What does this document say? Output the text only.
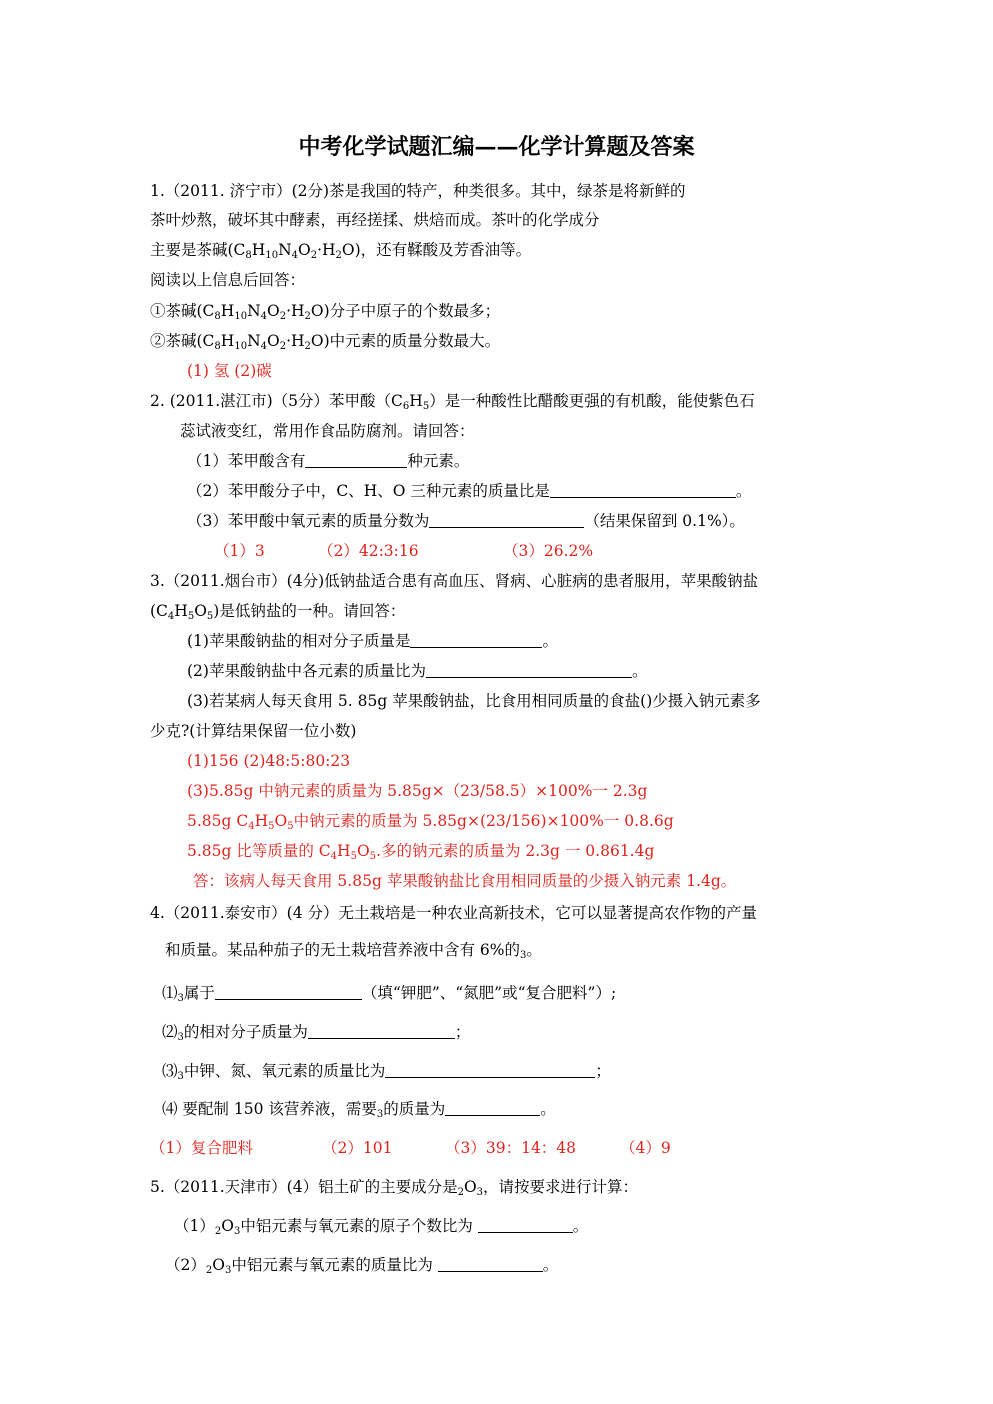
中考化学试题汇编——化学计算题及答案
1.（2011. 济宁市）(2分)茶是我国的特产，种类很多。其中，绿茶是将新鲜的
茶叶炒熬，破坏其中酵素，再经搓揉、烘焙而成。茶叶的化学成分
主要是茶碱$(C_8H_{10}N_4O_2\cdot H_2O)$，还有鞣酸及芳香油等。
阅读以上信息后回答：
①茶碱$(C_8H_{10}N_4O_2\cdot H_2O)$分子中原子的个数最多；
②茶碱$(C_8H_{10}N_4O_2\cdot H_2O)$中元素的质量分数最大。
(1) 氢 (2)碳
2. (2011.湛江市)（5分）苯甲酸$(C_6H_5)$是一种酸性比醋酸更强的有机酸，能使紫色石
蕊试液变红，常用作食品防腐剂。请回答：
（1）苯甲酸含有	种元素。
（2）苯甲酸分子中，C、H、O 三种元素的质量比是	。
（3）苯甲酸中氧元素的质量分数为	（结果保留到 0.1%）。
（1）3	（2）42:3:16	（3）26.2%
3.（2011.烟台市）(4分)低钠盐适合患有高血压、肾病、心脏病的患者服用，苹果酸钠盐
$(C_4H_5O_5)$是低钠盐的一种。请回答：
(1)苹果酸钠盐的相对分子质量是	。
(2)苹果酸钠盐中各元素的质量比为	。
(3)若某病人每天食用 5. 85g 苹果酸钠盐，比食用相同质量的食盐()少摄入钠元素多
少克?(计算结果保留一位小数)
(1)156 (2)48:5:80:23
(3)5.85g 中钠元素的质量为 5.85g×（23/58.5）×100%一 2.3g
5.85g $C_4H_5O_5$中钠元素的质量为 5.85g×(23/156)×100%一 0.8.6g
5.85g 比等质量的 $C_4H_5O_5$.多的钠元素的质量为 2.3g 一 0.861.4g
答：该病人每天食用 5.85g 苹果酸钠盐比食用相同质量的少摄入钠元素 1.4g。
4.（2011.泰安市）(4 分）无土栽培是一种农业高新技术，它可以显著提高农作物的产量
和质量。某品种茄子的无土栽培营养液中含有 6%的$_3$。
$⑴_3$属于	（填“钾肥”、“氮肥”或“复合肥料”）;
$⑵_3$的相对分子质量为	；
$⑶_3$中钾、氮、氧元素的质量比为	；
⑷ 要配制 150 该营养液，需要$_3$的质量为	。
（1）复合肥料	（2）101	（3）39：14：48	（4）9
5.（2011.天津市）(4）铝土矿的主要成分是$_2O_3$，请按要求进行计算：
$(1)_2O_3$中铝元素与氧元素的原子个数比为	。
$(2)_2O_3$中铝元素与氧元素的质量比为	。
